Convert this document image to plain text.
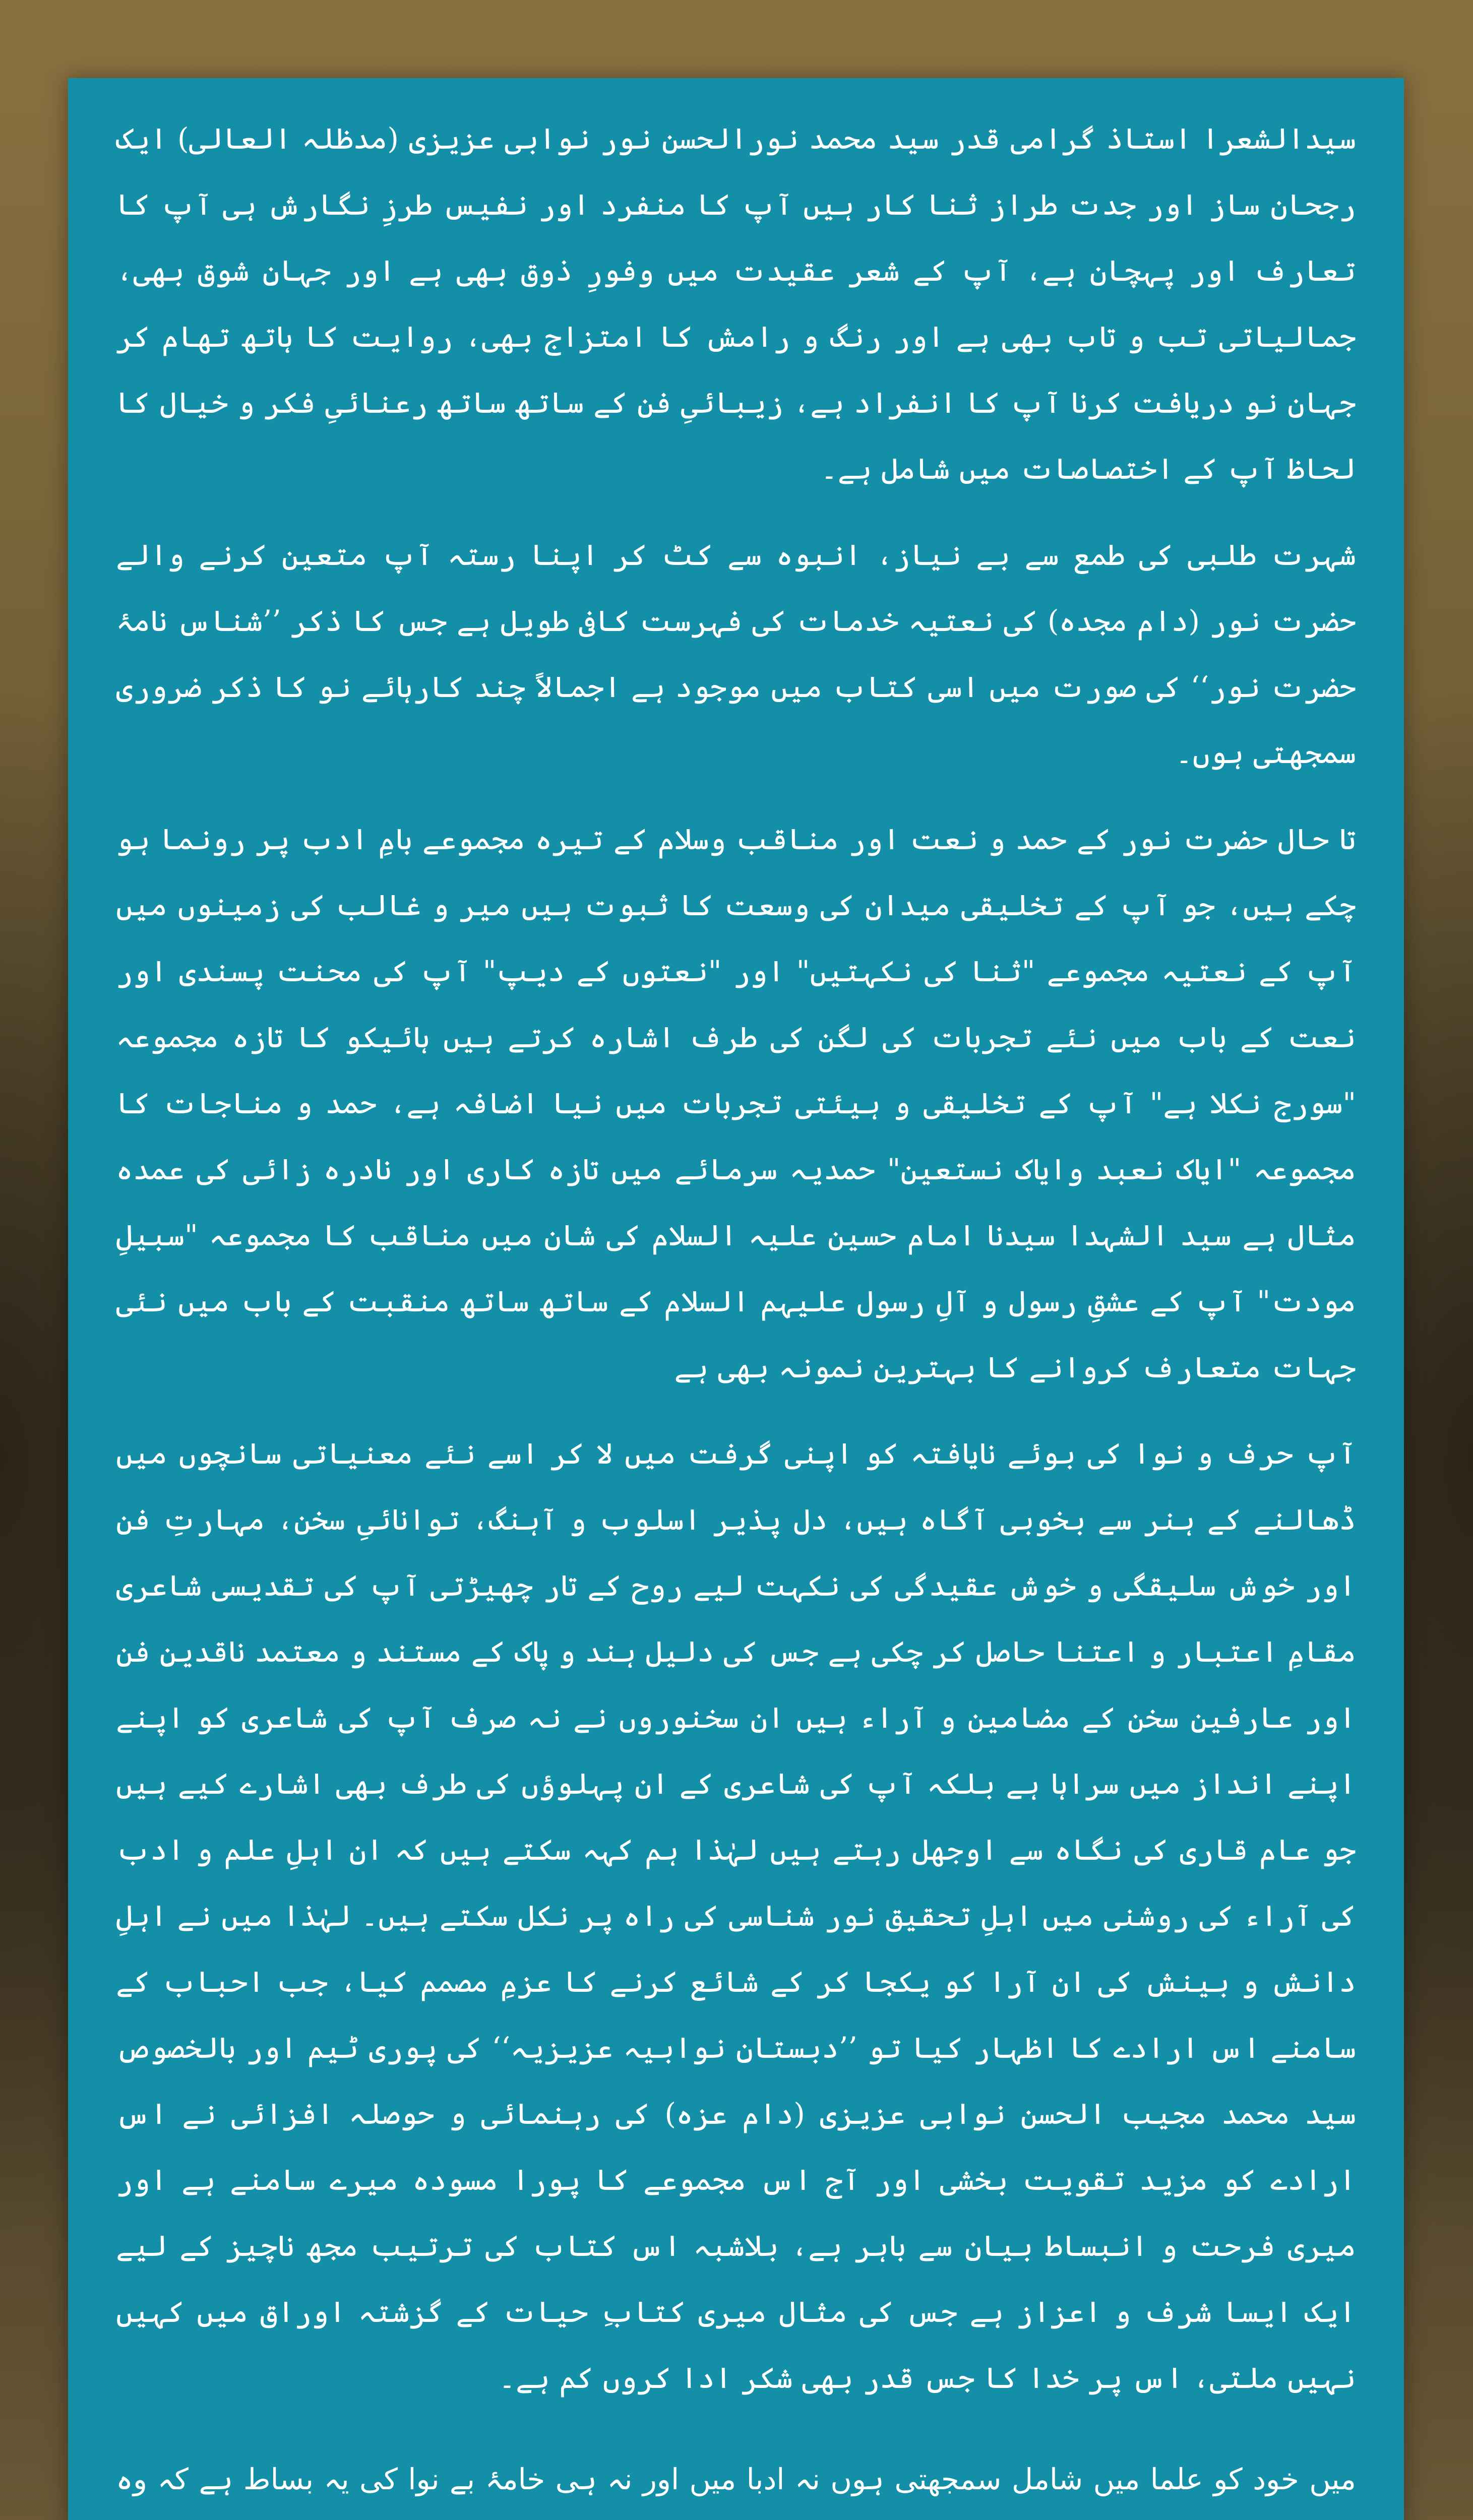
سیدالشعرا استاذ گرامی قدر سید محمد نورالحسن نور نوابی عزیزی (مدظلہ العالی) ایک رجحان ساز اور جدت طراز ثنا کار ہیں آپ کا منفرد اور نفیس طرزِ نگارش ہی آپ کا تعارف اور پہچان ہے، آپ کے شعر عقیدت میں وفورِ ذوق بھی ہے اور جہانِ شوق بھی، جمالیاتی تب و تاب بھی ہے اور رنگ و رامش کا امتزاج بھی، روایت کا ہاتھ تھام کر جہانِ نو دریافت کرنا آپ کا انفراد ہے، زیبائیِ فن کے ساتھ ساتھ رعنائیِ فکر و خیال کا لحاظ آپ کے اختصاصات میں شامل ہے۔

شہرت طلبی کی طمع سے بے نیاز، انبوہ سے کٹ کر اپنا رستہ آپ متعین کرنے والے حضرت نور (دام مجدہ) کی نعتیہ خدمات کی فہرست کافی طویل ہے جس کا ذکر ’’شناس نامۂ حضرت نور‘‘ کی صورت میں اسی کتاب میں موجود ہے اجمالاً چند کارہائے نو کا ذکر ضروری سمجھتی ہوں۔

تا حال حضرت نور کے حمد و نعت اور مناقب وسلام کے تیرہ مجموعے بامِ ادب پر رونما ہو چکے ہیں، جو آپ کے تخلیقی میدان کی وسعت کا ثبوت ہیں میر و غالب کی زمینوں میں آپ کے نعتیہ مجموعے "ثنا کی نکہتیں" اور "نعتوں کے دیپ" آپ کی محنت پسندی اور نعت کے باب میں نئے تجربات کی لگن کی طرف اشارہ کرتے ہیں ہائیکو کا تازہ مجموعہ "سورج نکلا ہے" آپ کے تخلیقی و ہیئتی تجربات میں نیا اضافہ ہے، حمد و مناجات کا مجموعہ "ایاک نعبد وایاک نستعین" حمدیہ سرمائے میں تازہ کاری اور نادرہ زائی کی عمدہ مثال ہے سید الشہدا سیدنا امام حسین علیہ السلام کی شان میں مناقب کا مجموعہ "سبیلِ مودت" آپ کے عشقِ رسول و آلِ رسول علیہم السلام کے ساتھ ساتھ منقبت کے باب میں نئی جہات متعارف کروانے کا بہترین نمونہ بھی ہے

آپ حرف و نوا کی بوئے نایافتہ کو اپنی گرفت میں لا کر اسے نئے معنیاتی سانچوں میں ڈھالنے کے ہنر سے بخوبی آگاہ ہیں، دل پذیر اسلوب و آہنگ، توانائیِ سخن، مہارتِ فن اور خوش سلیقگی و خوش عقیدگی کی نکہت لیے روح کے تار چھیڑتی آپ کی تقدیسی شاعری مقامِ اعتبار و اعتنا حاصل کر چکی ہے جس کی دلیل ہند و پاک کے مستند و معتمد ناقدینِ فن اور عارفینِ سخن کے مضامین و آراء ہیں ان سخنوروں نے نہ صرف آپ کی شاعری کو اپنے اپنے انداز میں سراہا ہے بلکہ آپ کی شاعری کے ان پہلوؤں کی طرف بھی اشارے کیے ہیں جو عام قاری کی نگاہ سے اوجھل رہتے ہیں لہٰذا ہم کہہ سکتے ہیں کہ ان اہلِ علم و ادب کی آراء کی روشنی میں اہلِ تحقیق نور شناسی کی راہ پر نکل سکتے ہیں۔ لہٰذا میں نے اہلِ دانش و بینش کی ان آرا کو یکجا کر کے شائع کرنے کا عزمِ مصمم کیا، جب احباب کے سامنے اس ارادے کا اظہار کیا تو ’’دبستانِ نوابیہ عزیزیہ‘‘ کی پوری ٹیم اور بالخصوص سید محمد مجیب الحسن نوابی عزیزی (دام عزہ) کی رہنمائی و حوصلہ افزائی نے اس ارادے کو مزید تقویت بخشی اور آج اس مجموعے کا پورا مسودہ میرے سامنے ہے اور میری فرحت و انبساط بیان سے باہر ہے، بلاشبہ اس کتاب کی ترتیب مجھ ناچیز کے لیے ایک ایسا شرف و اعزاز ہے جس کی مثال میری کتابِ حیات کے گزشتہ اوراق میں کہیں نہیں ملتی، اس پر خدا کا جس قدر بھی شکر ادا کروں کم ہے۔

میں خود کو علما میں شامل سمجھتی ہوں نہ ادبا میں اور نہ ہی خامۂ بے نوا کی یہ بساط ہے کہ وہ
